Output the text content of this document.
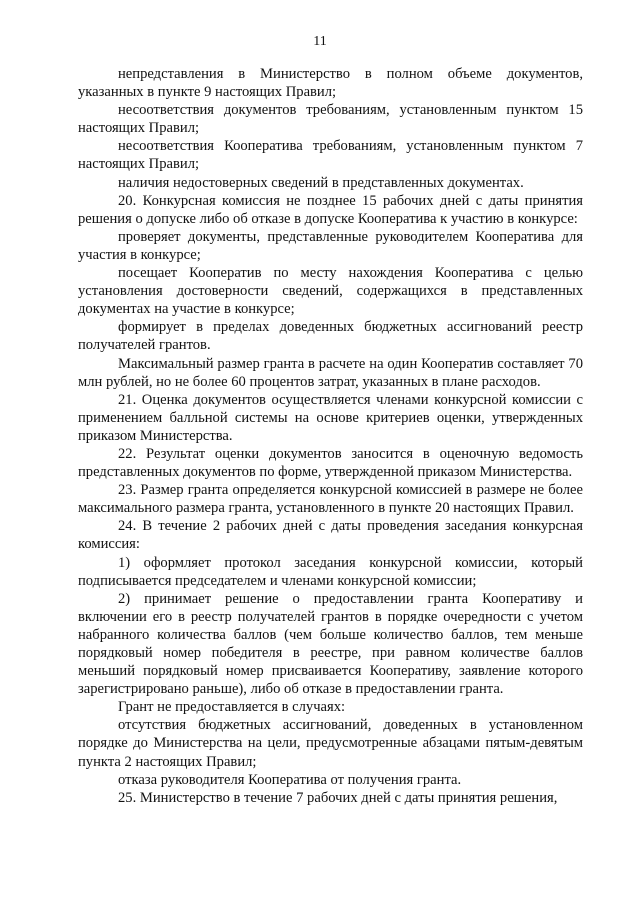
11

непредставления в Министерство в полном объеме документов, указанных в пункте 9 настоящих Правил;

несоответствия документов требованиям, установленным пунктом 15 настоящих Правил;

несоответствия Кооператива требованиям, установленным пунктом 7 настоящих Правил;

наличия недостоверных сведений в представленных документах.

20. Конкурсная комиссия не позднее 15 рабочих дней с даты принятия решения о допуске либо об отказе в допуске Кооператива к участию в конкурсе:

проверяет документы, представленные руководителем Кооператива для участия в конкурсе;

посещает Кооператив по месту нахождения Кооператива с целью установления достоверности сведений, содержащихся в представленных документах на участие в конкурсе;

формирует в пределах доведенных бюджетных ассигнований реестр получателей грантов.

Максимальный размер гранта в расчете на один Кооператив составляет 70 млн рублей, но не более 60 процентов затрат, указанных в плане расходов.

21. Оценка документов осуществляется членами конкурсной комиссии с применением балльной системы на основе критериев оценки, утвержденных приказом Министерства.

22. Результат оценки документов заносится в оценочную ведомость представленных документов по форме, утвержденной приказом Министерства.

23. Размер гранта определяется конкурсной комиссией в размере не более максимального размера гранта, установленного в пункте 20 настоящих Правил.

24. В течение 2 рабочих дней с даты проведения заседания конкурсная комиссия:

1) оформляет протокол заседания конкурсной комиссии, который подписывается председателем и членами конкурсной комиссии;

2) принимает решение о предоставлении гранта Кооперативу и включении его в реестр получателей грантов в порядке очередности с учетом набранного количества баллов (чем больше количество баллов, тем меньше порядковый номер победителя в реестре, при равном количестве баллов меньший порядковый номер присваивается Кооперативу, заявление которого зарегистрировано раньше), либо об отказе в предоставлении гранта.

Грант не предоставляется в случаях:

отсутствия бюджетных ассигнований, доведенных в установленном порядке до Министерства на цели, предусмотренные абзацами пятым-девятым пункта 2 настоящих Правил;

отказа руководителя Кооператива от получения гранта.

25. Министерство в течение 7 рабочих дней с даты принятия решения,
